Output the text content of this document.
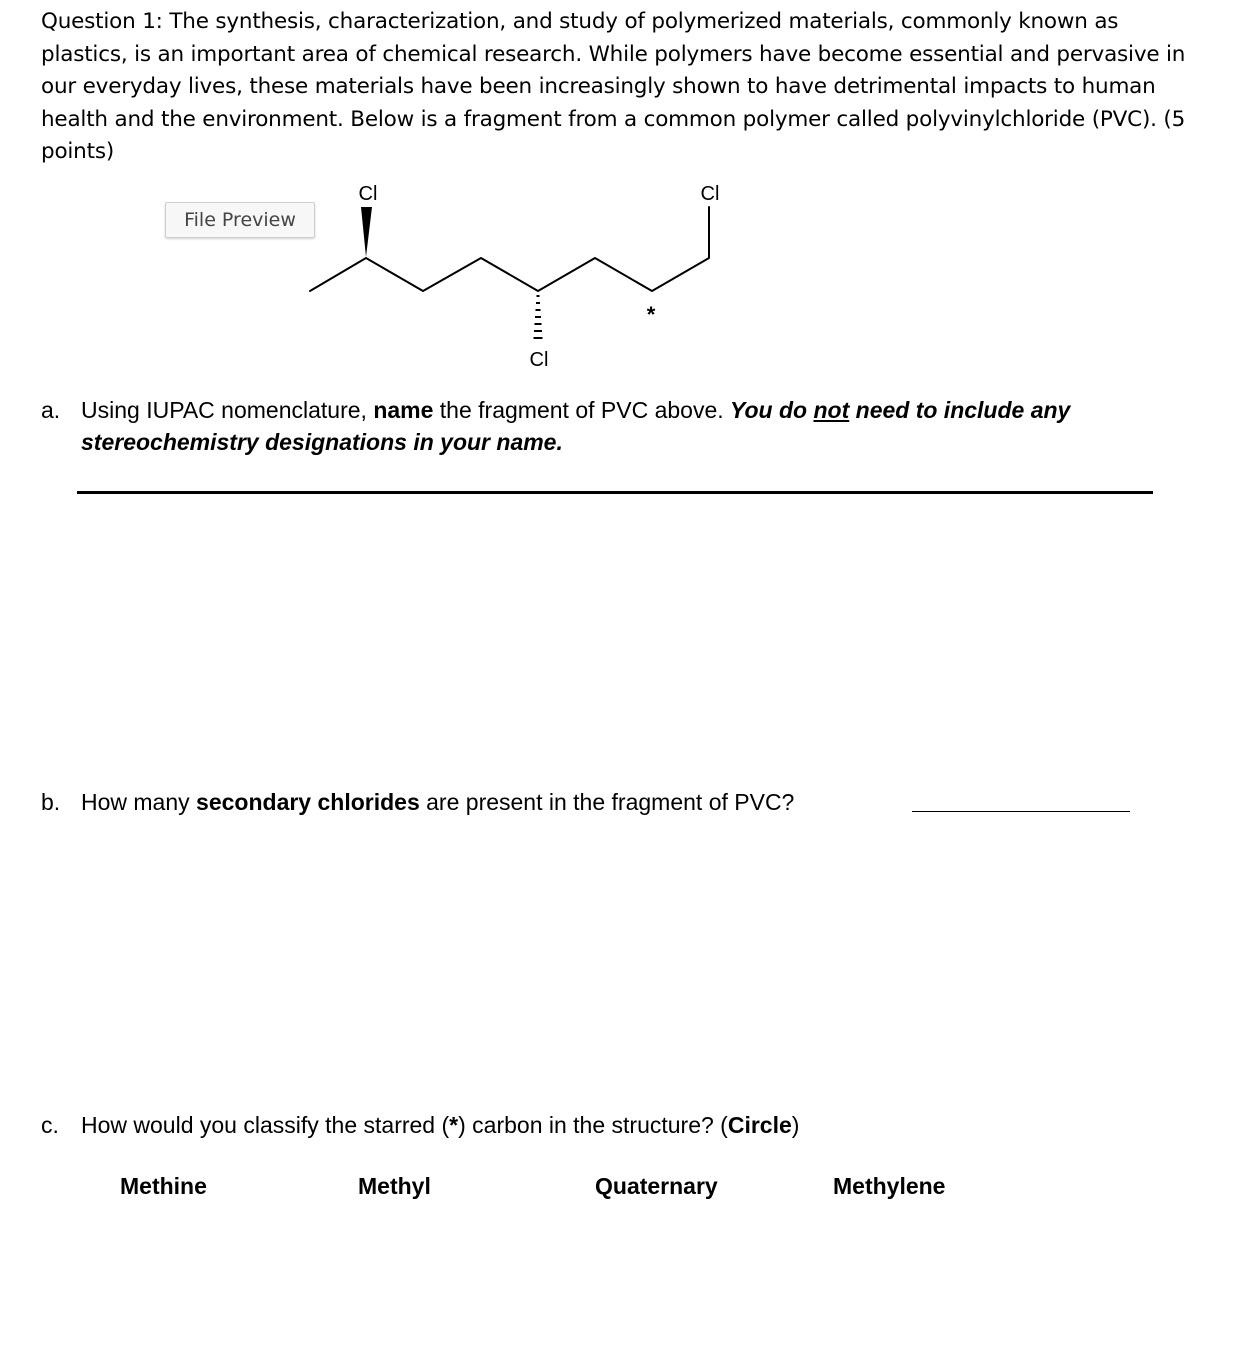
Question 1: The synthesis, characterization, and study of polymerized materials, commonly known as plastics, is an important area of chemical research. While polymers have become essential and pervasive in our everyday lives, these materials have been increasingly shown to have detrimental impacts to human health and the environment. Below is a fragment from a common polymer called polyvinylchloride (PVC). (5 points)
Cl	Cl
Cl
*
File Preview
a. Using IUPAC nomenclature, name the fragment of PVC above. You do not need to include any
stereochemistry designations in your name.
b. How many secondary chlorides are present in the fragment of PVC?
c. How would you classify the starred (*) carbon in the structure? (Circle)
Methine	Methyl	Quaternary	Methylene
